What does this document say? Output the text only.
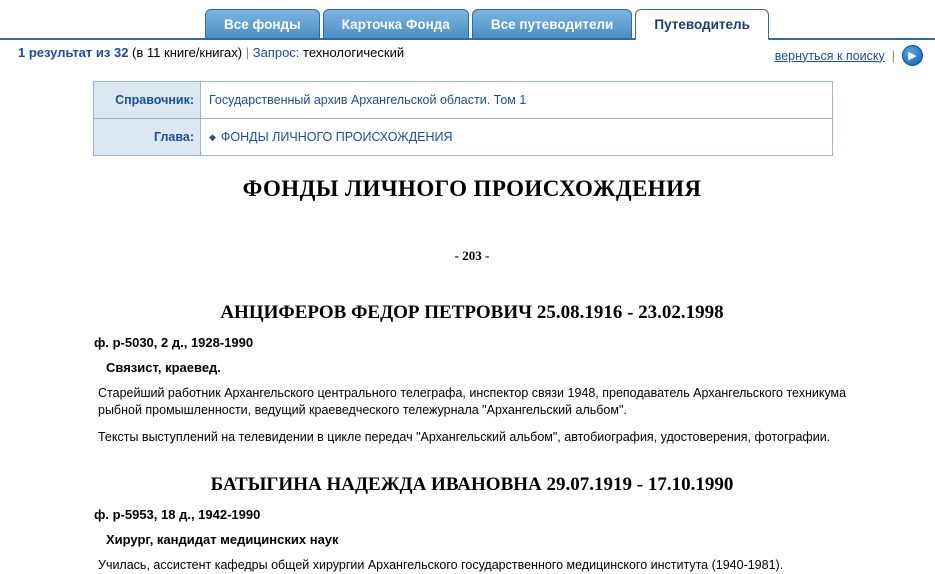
Все фонды	Карточка Фонда	Все путеводители	Путеводитель
1 результат из 32 (в 11 книге/книгах) | Запрос: технологический	вернуться к поиску |	▶
Справочник:	Государственный архив Архангельской области. Том 1
Глава:	◆ ФОНДЫ ЛИЧНОГО ПРОИСХОЖДЕНИЯ
ФОНДЫ ЛИЧНОГО ПРОИСХОЖДЕНИЯ
- 203 -
АНЦИФЕРОВ ФЕДОР ПЕТРОВИЧ 25.08.1916 - 23.02.1998
ф. р-5030, 2 д., 1928-1990
Связист, краевед.
Старейший работник Архангельского центрального телеграфа, инспектор связи 1948, преподаватель Архангельского техникума рыбной промышленности, ведущий краеведческого тележурнала "Архангельский альбом".
Тексты выступлений на телевидении в цикле передач "Архангельский альбом", автобиография, удостоверения, фотографии.
БАТЫГИНА НАДЕЖДА ИВАНОВНА 29.07.1919 - 17.10.1990
ф. р-5953, 18 д., 1942-1990
Хирург, кандидат медицинских наук
Училась, ассистент кафедры общей хирургии Архангельского государственного медицинского института (1940-1981).
